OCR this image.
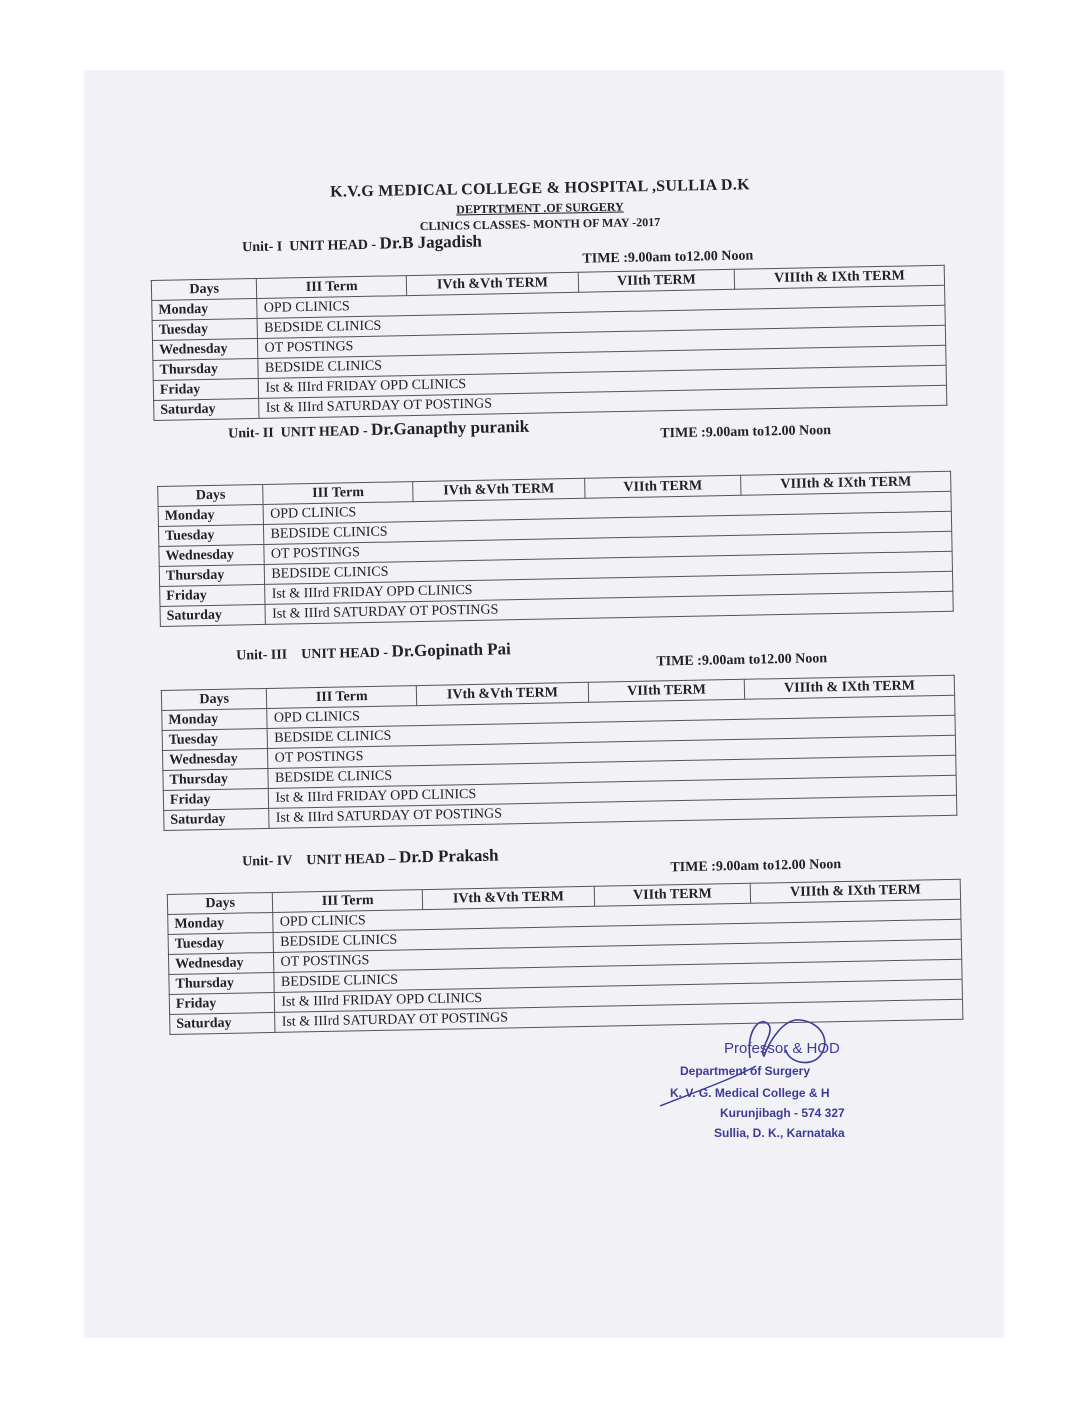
K.V.G MEDICAL COLLEGE & HOSPITAL ,SULLIA D.K
DEPTRTMENT .OF SURGERY
CLINICS CLASSES- MONTH OF MAY -2017
Unit- I UNIT HEAD - Dr.B Jagadish
TIME :9.00am to12.00 Noon
Days	III Term	IVth &Vth TERM	VIIth TERM	VIIIth & IXth TERM
Monday	OPD CLINICS			
Tuesday	BEDSIDE CLINICS			
Wednesday	OT POSTINGS			
Thursday	BEDSIDE CLINICS			
Friday	Ist & IIIrd FRIDAY OPD CLINICS			
Saturday	Ist & IIIrd SATURDAY OT POSTINGS			
Unit- II UNIT HEAD - Dr.Ganapthy puranik	TIME :9.00am to12.00 Noon
Days	III Term	IVth &Vth TERM	VIIth TERM	VIIIth & IXth TERM
Monday	OPD CLINICS			
Tuesday	BEDSIDE CLINICS			
Wednesday	OT POSTINGS			
Thursday	BEDSIDE CLINICS			
Friday	Ist & IIIrd FRIDAY OPD CLINICS			
Saturday	Ist & IIIrd SATURDAY OT POSTINGS			
Unit- III UNIT HEAD - Dr.Gopinath Pai	TIME :9.00am to12.00 Noon
Days	III Term	IVth &Vth TERM	VIIth TERM	VIIIth & IXth TERM
Monday	OPD CLINICS			
Tuesday	BEDSIDE CLINICS			
Wednesday	OT POSTINGS			
Thursday	BEDSIDE CLINICS			
Friday	Ist & IIIrd FRIDAY OPD CLINICS			
Saturday	Ist & IIIrd SATURDAY OT POSTINGS			
Unit- IV UNIT HEAD – Dr.D Prakash	TIME :9.00am to12.00 Noon
Days	III Term	IVth &Vth TERM	VIIth TERM	VIIIth & IXth TERM
Monday	OPD CLINICS			
Tuesday	BEDSIDE CLINICS			
Wednesday	OT POSTINGS			
Thursday	BEDSIDE CLINICS			
Friday	Ist & IIIrd FRIDAY OPD CLINICS			
Saturday	Ist & IIIrd SATURDAY OT POSTINGS			
Professor & HOD
Department of Surgery
K. V. G. Medical College & H
Kurunjibagh - 574 327
Sullia, D. K., Karnataka
